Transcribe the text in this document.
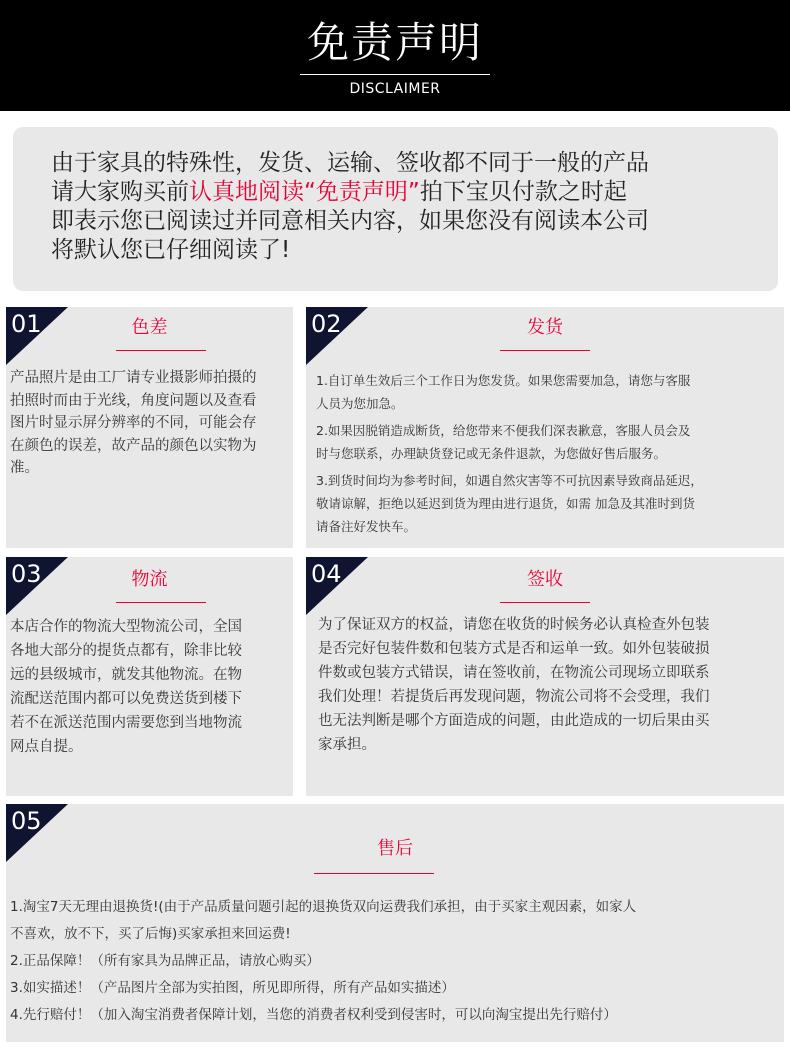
免责声明
DISCLAIMER
由于家具的特殊性，发货、运输、签收都不同于一般的产品
请大家购买前认真地阅读“免责声明”拍下宝贝付款之时起
即表示您已阅读过并同意相关内容，如果您没有阅读本公司
将默认您已仔细阅读了!
01	色差
产品照片是由工厂请专业摄影师拍摄的
拍照时而由于光线，角度问题以及查看
图片时显示屏分辨率的不同，可能会存
在颜色的误差，故产品的颜色以实物为
准。
02	发货
1.自订单生效后三个工作日为您发货。如果您需要加急，请您与客服
人员为您加急。
2.如果因脱销造成断货，给您带来不便我们深表歉意，客服人员会及
时与您联系，办理缺货登记或无条件退款，为您做好售后服务。
3.到货时间均为参考时间，如遇自然灾害等不可抗因素导致商品延迟，
敬请谅解，拒绝以延迟到货为理由进行退货，如需 加急及其准时到货
请备注好发快车。
03	物流
本店合作的物流大型物流公司，全国
各地大部分的提货点都有，除非比较
远的县级城市，就发其他物流。在物
流配送范围内都可以免费送货到楼下
若不在派送范围内需要您到当地物流
网点自提。
04	签收
为了保证双方的权益，请您在收货的时候务必认真检查外包装
是否完好包装件数和包装方式是否和运单一致。如外包装破损
件数或包装方式错误，请在签收前，在物流公司现场立即联系
我们处理！若提货后再发现问题，物流公司将不会受理，我们
也无法判断是哪个方面造成的问题，由此造成的一切后果由买
家承担。
05
售后
1.淘宝7天无理由退换货!(由于产品质量问题引起的退换货双向运费我们承担，由于买家主观因素，如家人
不喜欢，放不下，买了后悔)买家承担来回运费!
2.正品保障！（所有家具为品牌正品，请放心购买）
3.如实描述！（产品图片全部为实拍图，所见即所得，所有产品如实描述）
4.先行赔付！（加入淘宝消费者保障计划，当您的消费者权利受到侵害时，可以向淘宝提出先行赔付）
